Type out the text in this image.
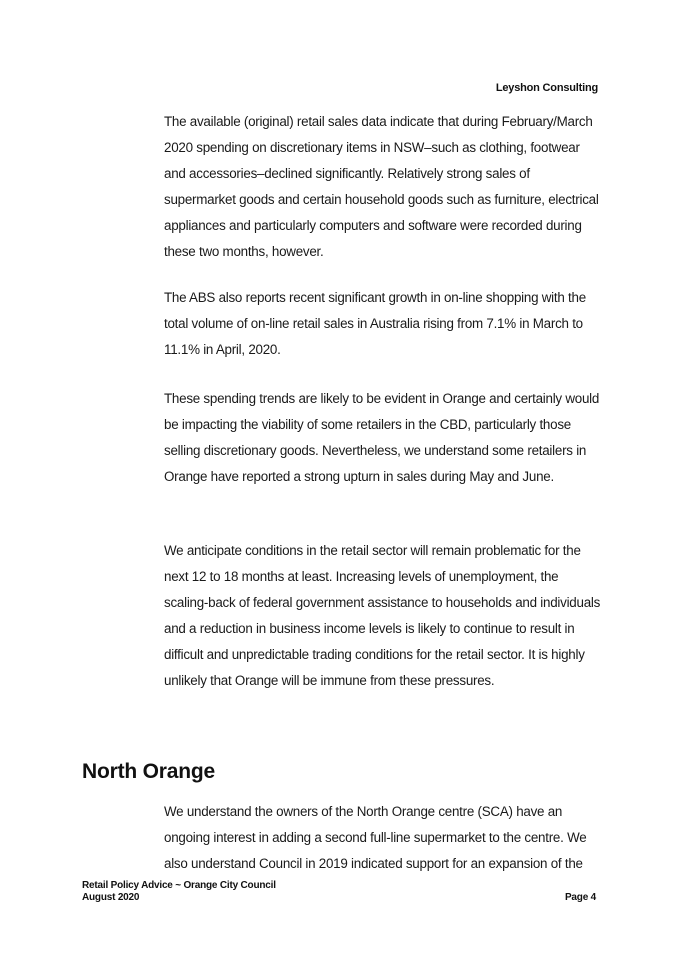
Leyshon Consulting

The available (original) retail sales data indicate that during February/March 2020 spending on discretionary items in NSW–such as clothing, footwear and accessories–declined significantly. Relatively strong sales of supermarket goods and certain household goods such as furniture, electrical appliances and particularly computers and software were recorded during these two months, however.

The ABS also reports recent significant growth in on-line shopping with the total volume of on-line retail sales in Australia rising from 7.1% in March to 11.1% in April, 2020.

These spending trends are likely to be evident in Orange and certainly would be impacting the viability of some retailers in the CBD, particularly those selling discretionary goods. Nevertheless, we understand some retailers in Orange have reported a strong upturn in sales during May and June.

We anticipate conditions in the retail sector will remain problematic for the next 12 to 18 months at least. Increasing levels of unemployment, the scaling-back of federal government assistance to households and individuals and a reduction in business income levels is likely to continue to result in difficult and unpredictable trading conditions for the retail sector. It is highly unlikely that Orange will be immune from these pressures.

North Orange

We understand the owners of the North Orange centre (SCA) have an ongoing interest in adding a second full-line supermarket to the centre. We also understand Council in 2019 indicated support for an expansion of the

Retail Policy Advice ~ Orange City Council
August 2020	Page 4
